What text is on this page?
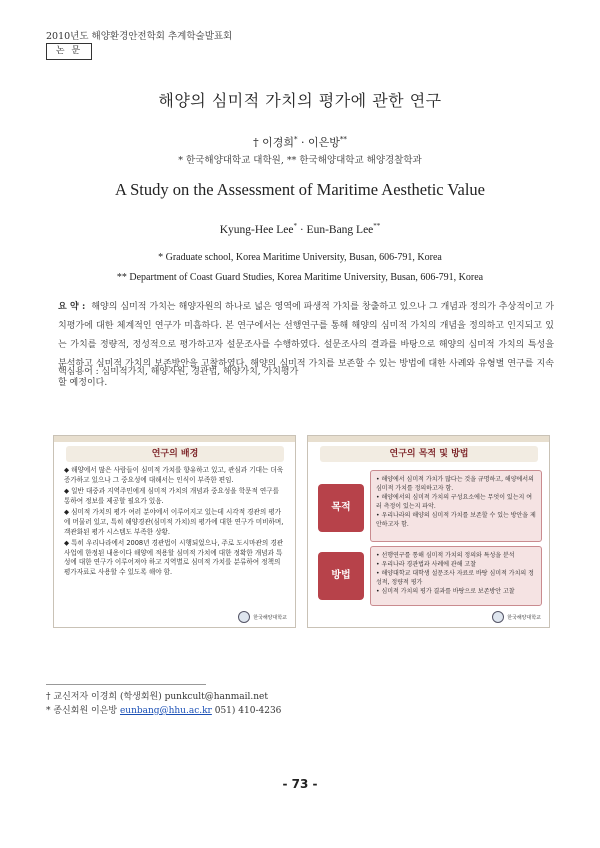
2010년도 해양환경안전학회 추계학술발표회
논 문
해양의 심미적 가치의 평가에 관한 연구
† 이경희* · 이은방**
* 한국해양대학교 대학원, ** 한국해양대학교 해양경찰학과
A Study on the Assessment of Maritime Aesthetic Value
Kyung-Hee Lee* · Eun-Bang Lee**
* Graduate school, Korea Maritime University, Busan, 606-791, Korea
** Department of Coast Guard Studies, Korea Maritime University, Busan, 606-791, Korea
요 약 : 해양의 심미적 가치는 해양자원의 하나로 넓은 영역에 파생적 가치를 창출하고 있으나 그 개념과 정의가 추상적이고 가치평가에 대한 체계적인 연구가 미흡하다. 본 연구에서는 선행연구를 통해 해양의 심미적 가치의 개념을 정의하고 인지되고 있는 가치를 정량적, 정성적으로 평가하고자 설문조사를 수행하였다. 설문조사의 결과를 바탕으로 해양의 심미적 가치의 특성을 분석하고 심미적 가치의 보존방안을 고찰하였다. 해양의 심미적 가치를 보존할 수 있는 방법에 대한 사례와 유형별 연구를 지속할 예정이다.
핵심용어 : 심미적가치, 해양자원, 경관법, 해양가치, 가치평가
연구의 배경

◆ 해양에서 많은 사람들이 심미적 가치를 향유하고 있고, 관심과 기대는 더욱 증가하고 있으나 그 중요성에 대해서는 인식이 부족한 편임.

◆ 일반 대중과 지역주민에게 심미적 가치의 개념과 중요성을 학문적 연구를 통하여 정보를 제공할 필요가 있음.

◆ 심미적 가치의 평가 여러 분야에서 이루어지고 있는데 시각적 경관의 평가에 머물러 있고, 특히 해양경관(심미적 가치)의 평가에 대한 연구가 미비하며, 객관화된 평가 시스템도 부족한 상황.

◆ 특히 우리나라에서 2008년 경관법이 시행되었으나, 주로 도시마관의 경관사업에 한정된 내용이다 해양에 적용할 심미적 가치에 대한 정확한 개념과 특성에 대한 연구가 이루어져야 하고 지역별로 심미적 가치를 분류하여 정책의 평가자료로 사용할 수 있도록 해야 함.

한국해양대학교
연구의 목적 및 방법
목적

• 해양에서 심미적 가치가 많다는 것을 규명하고, 해양에서의 심미적 가치를 정의하고자 함.

• 해양에서의 심미적 가치의 구성요소에는 무엇이 있는지 여러 측정이 있는지 파악.

• 우리나라의 해양의 심미적 가치를 보존할 수 있는 방안을 제안하고자 함.

방법

• 선행연구를 통해 심미적 가치의 정의와 특성을 분석

• 우리나라 경관법과 사례에 관해 고찰

• 해양대학교 대학생 설문조사 자료로 바탕 심미적 가치의 정성적, 정량적 평가

• 심미적 가치의 평가 결과를 바탕으로 보존방안 고찰

한국해양대학교
† 교신저자 이경희 (학생회원) punkcult@hanmail.net
* 종신회원 이은방 eunbang@hhu.ac.kr 051) 410-4236
- 73 -
